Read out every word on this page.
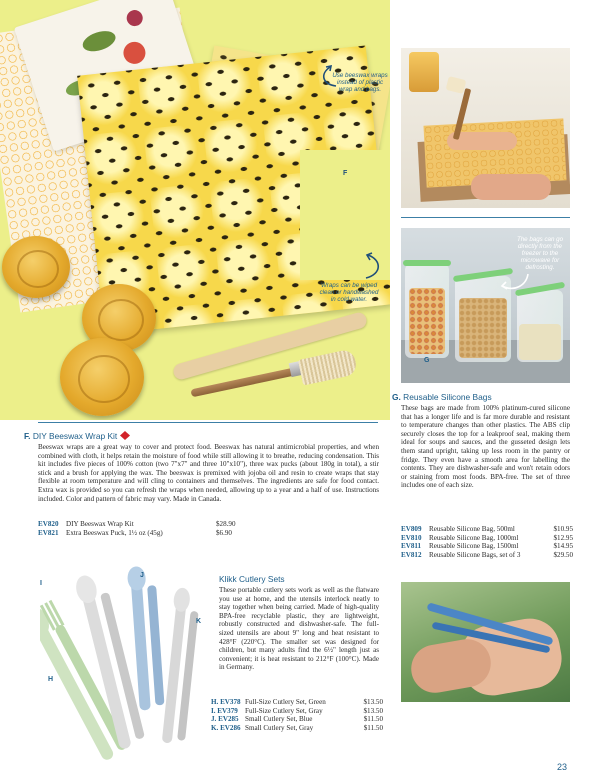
Use beeswax wraps instead of plastic wrap and bags.
Wraps can be wiped clean or handwashed in cold water.
F
The bags can go directly from the freezer to the microwave for defrosting.
G
G. Reusable Silicone Bags
These bags are made from 100% platinum-cured silicone that has a longer life and is far more durable and resistant to temperature changes than other plastics. The ABS clip securely closes the top for a leakproof seal, making them ideal for soups and sauces, and the gusseted design lets them stand upright, taking up less room in the pantry or fridge. They even have a smooth area for labelling the contents. They are dishwasher-safe and won't retain odors or staining from most foods. BPA-free. The set of three includes one of each size.
EV809	Reusable Silicone Bag, 500ml	$10.95
EV810	Reusable Silicone Bag, 1000ml	$12.95
EV811	Reusable Silicone Bag, 1500ml	$14.95
EV812	Reusable Silicone Bags, set of 3	$29.50
F. DIY Beeswax Wrap Kit
Beeswax wraps are a great way to cover and protect food. Beeswax has natural antimicrobial properties, and when combined with cloth, it helps retain the moisture of food while still allowing it to breathe, reducing condensation. This kit includes five pieces of 100% cotton (two 7"x7" and three 10"x10"), three wax pucks (about 180g in total), a stir stick and a brush for applying the wax. The beeswax is premixed with jojoba oil and resin to create wraps that stay flexible at room temperature and will cling to containers and themselves. The ingredients are safe for food contact. Extra wax is provided so you can refresh the wraps when needed, allowing up to a year and a half of use. Instructions included. Color and pattern of fabric may vary. Made in Canada.
EV820	DIY Beeswax Wrap Kit	$28.90
EV821	Extra Beeswax Puck, 1½ oz (45g)	$6.90
I
J
K
H
Klikk Cutlery Sets
These portable cutlery sets work as well as the flatware you use at home, and the utensils interlock neatly to stay together when being carried. Made of high-quality BPA-free recyclable plastic, they are lightweight, robustly constructed and dishwasher-safe. The full-sized utensils are about 9" long and heat resistant to 428°F (220°C). The smaller set was designed for children, but many adults find the 6½" length just as convenient; it is heat resistant to 212°F (100°C). Made in Germany.
H. EV378 Full-Size Cutlery Set, Green	$13.50
I. EV379	Full-Size Cutlery Set, Gray	$13.50
J. EV285 Small Cutlery Set, Blue	$11.50
K. EV286 Small Cutlery Set, Gray	$11.50
23
